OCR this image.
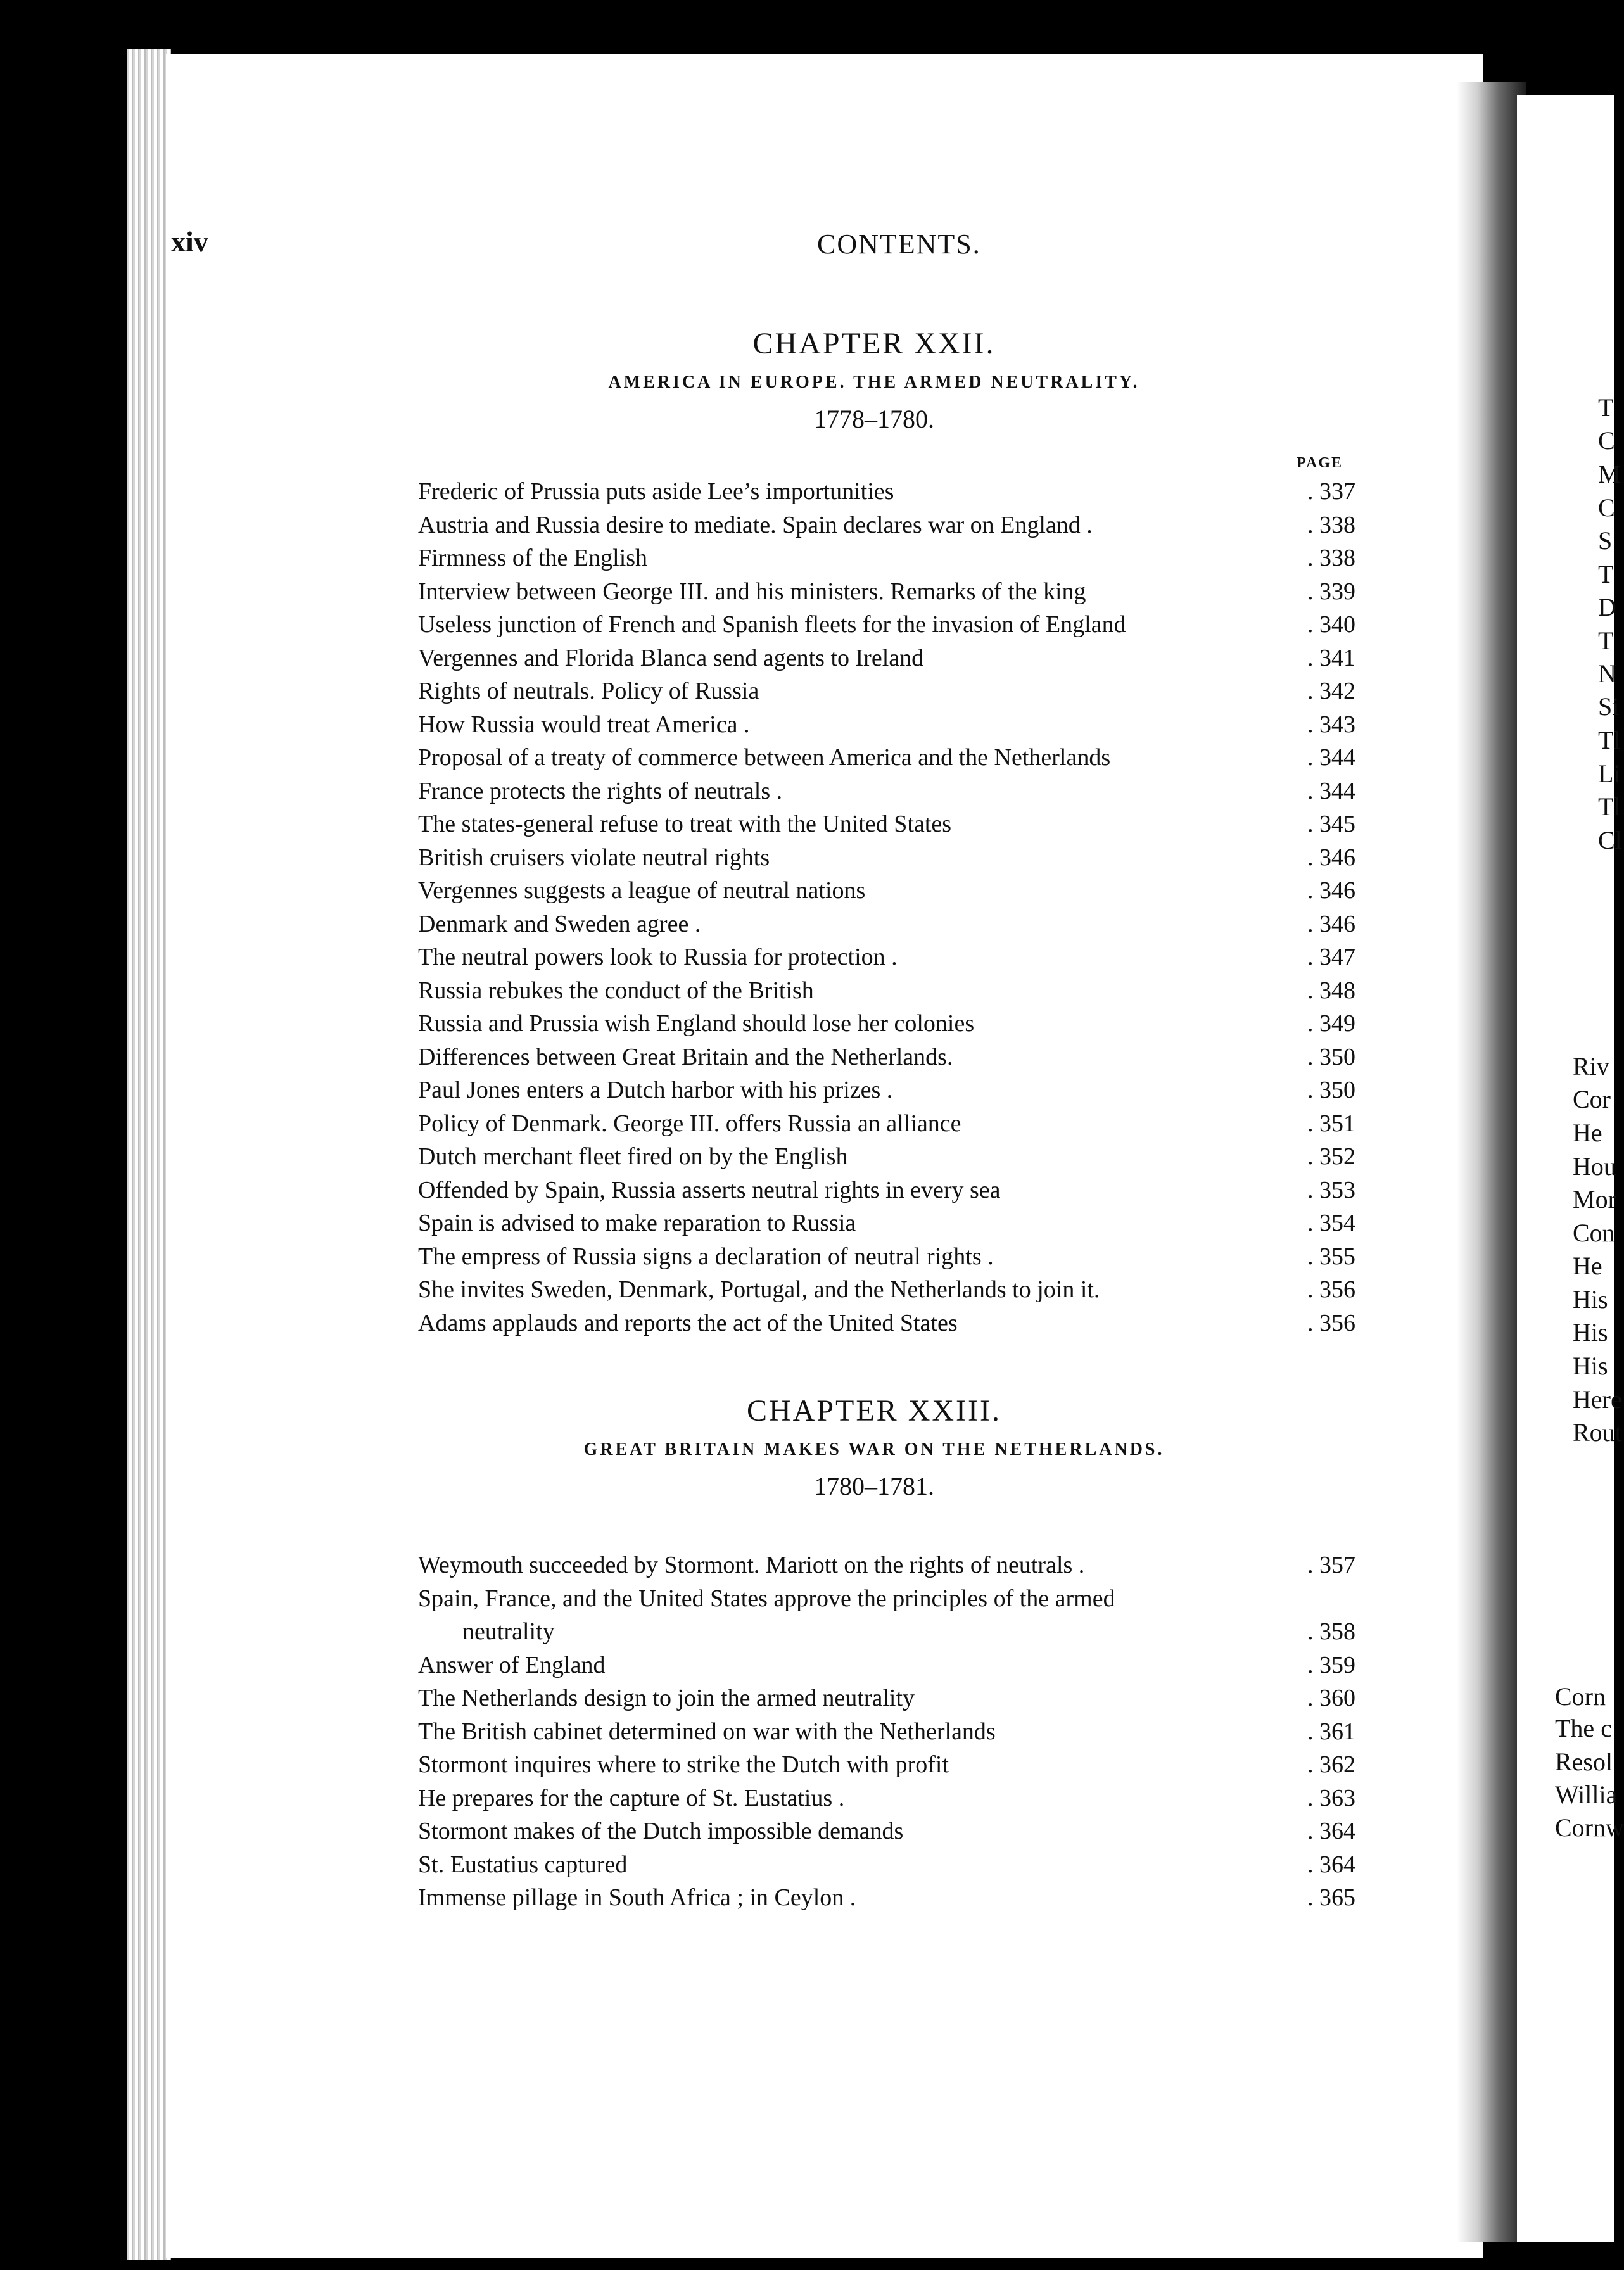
T
C
M
C
S
T
D
T
N
Si
Tl
Li
Tl
Cl
Riv
Cor
He
Hou
Mor
Con
He
His
His
His
Here
Rout
Corn
The c
Resol
Willia
Cornw
xiv	CONTENTS.
CHAPTER XXII.
AMERICA IN EUROPE. THE ARMED NEUTRALITY.
1778–1780.
PAGE
Frederic of Prussia puts aside Lee’s importunities	. 337
Austria and Russia desire to mediate. Spain declares war on England .	. 338
Firmness of the English	. 338
Interview between George III. and his ministers. Remarks of the king	. 339
Useless junction of French and Spanish fleets for the invasion of England	. 340
Vergennes and Florida Blanca send agents to Ireland	. 341
Rights of neutrals. Policy of Russia	. 342
How Russia would treat America .	. 343
Proposal of a treaty of commerce between America and the Netherlands	. 344
France protects the rights of neutrals .	. 344
The states-general refuse to treat with the United States	. 345
British cruisers violate neutral rights	. 346
Vergennes suggests a league of neutral nations	. 346
Denmark and Sweden agree .	. 346
The neutral powers look to Russia for protection .	. 347
Russia rebukes the conduct of the British	. 348
Russia and Prussia wish England should lose her colonies	. 349
Differences between Great Britain and the Netherlands.	. 350
Paul Jones enters a Dutch harbor with his prizes .	. 350
Policy of Denmark. George III. offers Russia an alliance	. 351
Dutch merchant fleet fired on by the English	. 352
Offended by Spain, Russia asserts neutral rights in every sea	. 353
Spain is advised to make reparation to Russia	. 354
The empress of Russia signs a declaration of neutral rights .	. 355
She invites Sweden, Denmark, Portugal, and the Netherlands to join it.	. 356
Adams applauds and reports the act of the United States	. 356
CHAPTER XXIII.
GREAT BRITAIN MAKES WAR ON THE NETHERLANDS.
1780–1781.
Weymouth succeeded by Stormont. Mariott on the rights of neutrals .	. 357
Spain, France, and the United States approve the principles of the armed
neutrality	. 358
Answer of England	. 359
The Netherlands design to join the armed neutrality	. 360
The British cabinet determined on war with the Netherlands	. 361
Stormont inquires where to strike the Dutch with profit	. 362
He prepares for the capture of St. Eustatius .	. 363
Stormont makes of the Dutch impossible demands	. 364
St. Eustatius captured	. 364
Immense pillage in South Africa ; in Ceylon .	. 365
